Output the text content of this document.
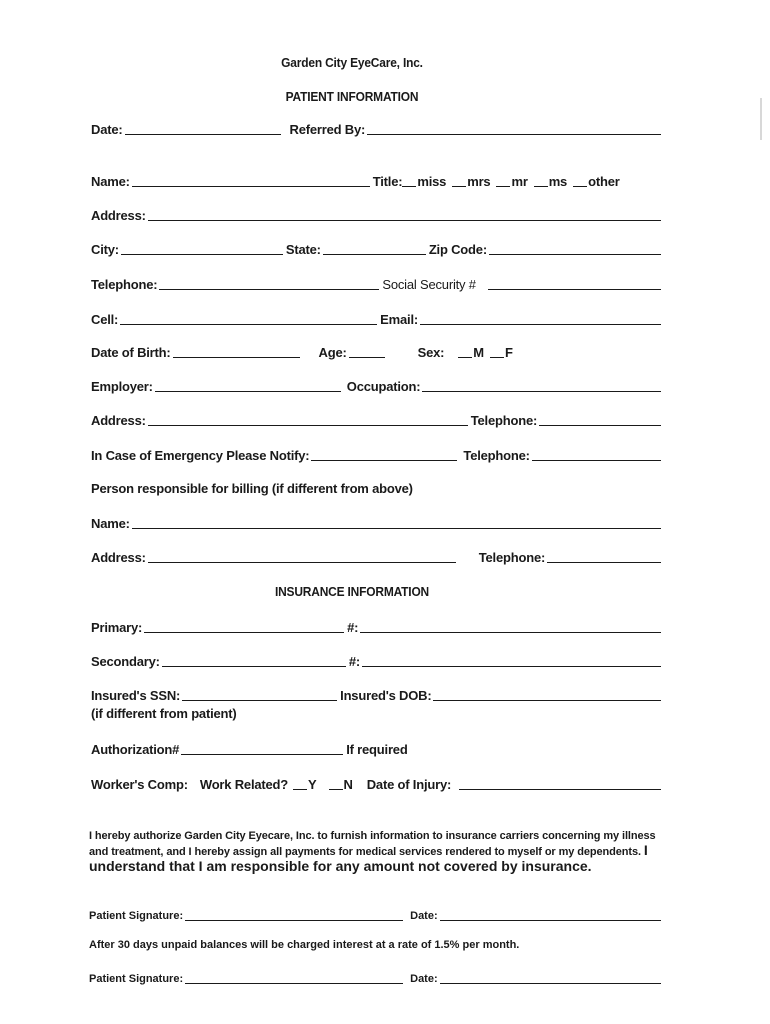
Garden City EyeCare, Inc.
PATIENT INFORMATION
Date:	Referred By:
Name:	Title: miss mrs mr ms other
Address:
City:	State:	Zip Code:
Telephone:	Social Security #
Cell:	Email:
Date of Birth:	Age:	Sex: M F
Employer:	Occupation:
Address:	Telephone:
In Case of Emergency Please Notify:	Telephone:
Person responsible for billing (if different from above)
Name:
Address:	Telephone:
INSURANCE INFORMATION
Primary:	#:
Secondary:	#:
Insured's SSN:	Insured's DOB:
(if different from patient)
Authorization#	If required
Worker's Comp: Work Related? Y N Date of Injury:
I hereby authorize Garden City Eyecare, Inc. to furnish information to insurance carriers concerning my illness and treatment, and I hereby assign all payments for medical services rendered to myself or my dependents. I understand that I am responsible for any amount not covered by insurance.
Patient Signature:	Date:
After 30 days unpaid balances will be charged interest at a rate of 1.5% per month.
Patient Signature:	Date:
